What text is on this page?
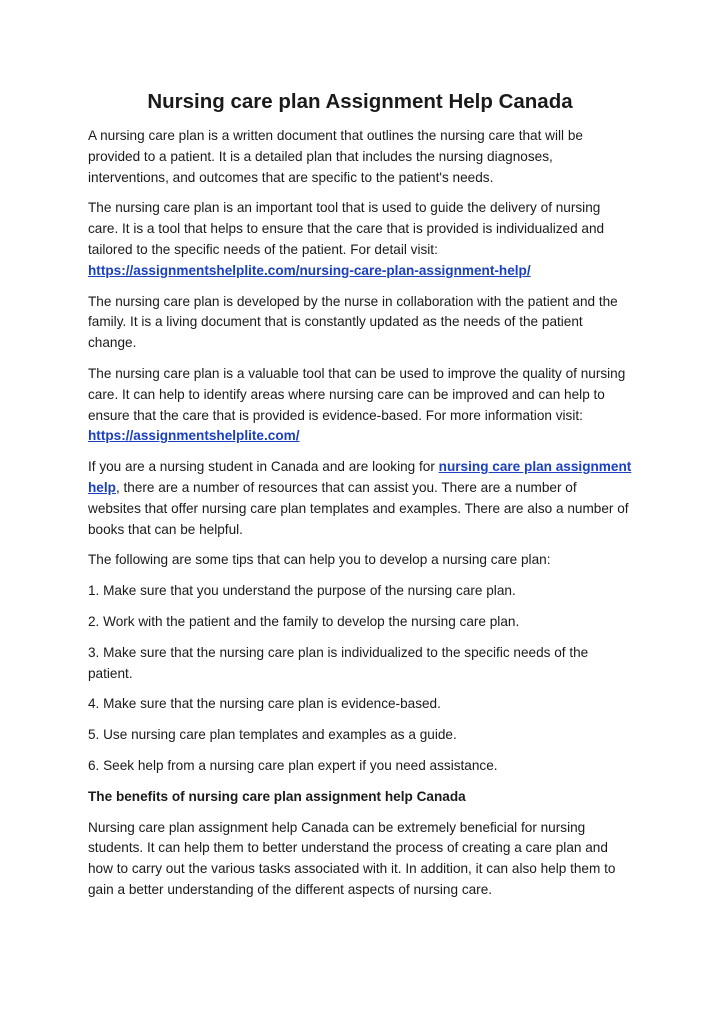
Nursing care plan Assignment Help Canada

A nursing care plan is a written document that outlines the nursing care that will be provided to a patient. It is a detailed plan that includes the nursing diagnoses, interventions, and outcomes that are specific to the patient's needs.

The nursing care plan is an important tool that is used to guide the delivery of nursing care. It is a tool that helps to ensure that the care that is provided is individualized and tailored to the specific needs of the patient. For detail visit: https://assignmentshelplite.com/nursing-care-plan-assignment-help/

The nursing care plan is developed by the nurse in collaboration with the patient and the family. It is a living document that is constantly updated as the needs of the patient change.

The nursing care plan is a valuable tool that can be used to improve the quality of nursing care. It can help to identify areas where nursing care can be improved and can help to ensure that the care that is provided is evidence-based. For more information visit: https://assignmentshelplite.com/

If you are a nursing student in Canada and are looking for nursing care plan assignment help, there are a number of resources that can assist you. There are a number of websites that offer nursing care plan templates and examples. There are also a number of books that can be helpful.

The following are some tips that can help you to develop a nursing care plan:

1. Make sure that you understand the purpose of the nursing care plan.

2. Work with the patient and the family to develop the nursing care plan.

3. Make sure that the nursing care plan is individualized to the specific needs of the patient.

4. Make sure that the nursing care plan is evidence-based.

5. Use nursing care plan templates and examples as a guide.

6. Seek help from a nursing care plan expert if you need assistance.

The benefits of nursing care plan assignment help Canada

Nursing care plan assignment help Canada can be extremely beneficial for nursing students. It can help them to better understand the process of creating a care plan and how to carry out the various tasks associated with it. In addition, it can also help them to gain a better understanding of the different aspects of nursing care.
